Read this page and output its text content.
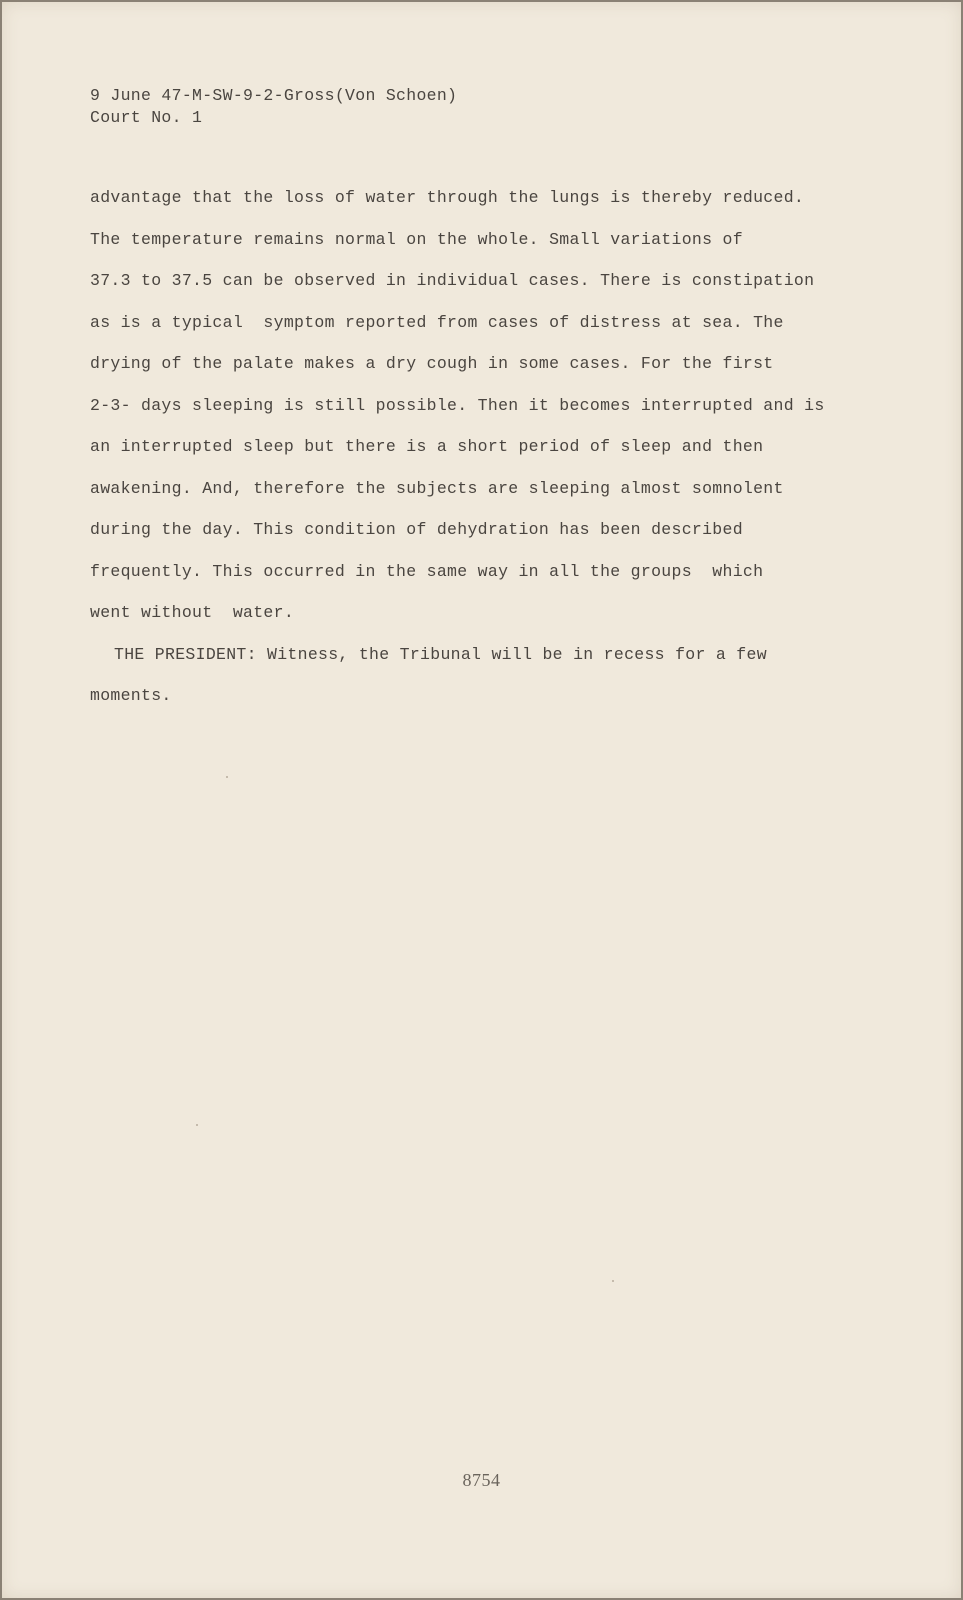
9 June 47-M-SW-9-2-Gross(Von Schoen)
Court No. 1
advantage that the loss of water through the lungs is thereby reduced.
The temperature remains normal on the whole. Small variations of
37.3 to 37.5 can be observed in individual cases. There is constipation
as is a typical  symptom reported from cases of distress at sea. The
drying of the palate makes a dry cough in some cases. For the first
2-3- days sleeping is still possible. Then it becomes interrupted and is
an interrupted sleep but there is a short period of sleep and then
awakening. And, therefore the subjects are sleeping almost somnolent
during the day. This condition of dehydration has been described
frequently. This occurred in the same way in all the groups  which
went without  water.
THE PRESIDENT: Witness, the Tribunal will be in recess for a few
moments.
8754
